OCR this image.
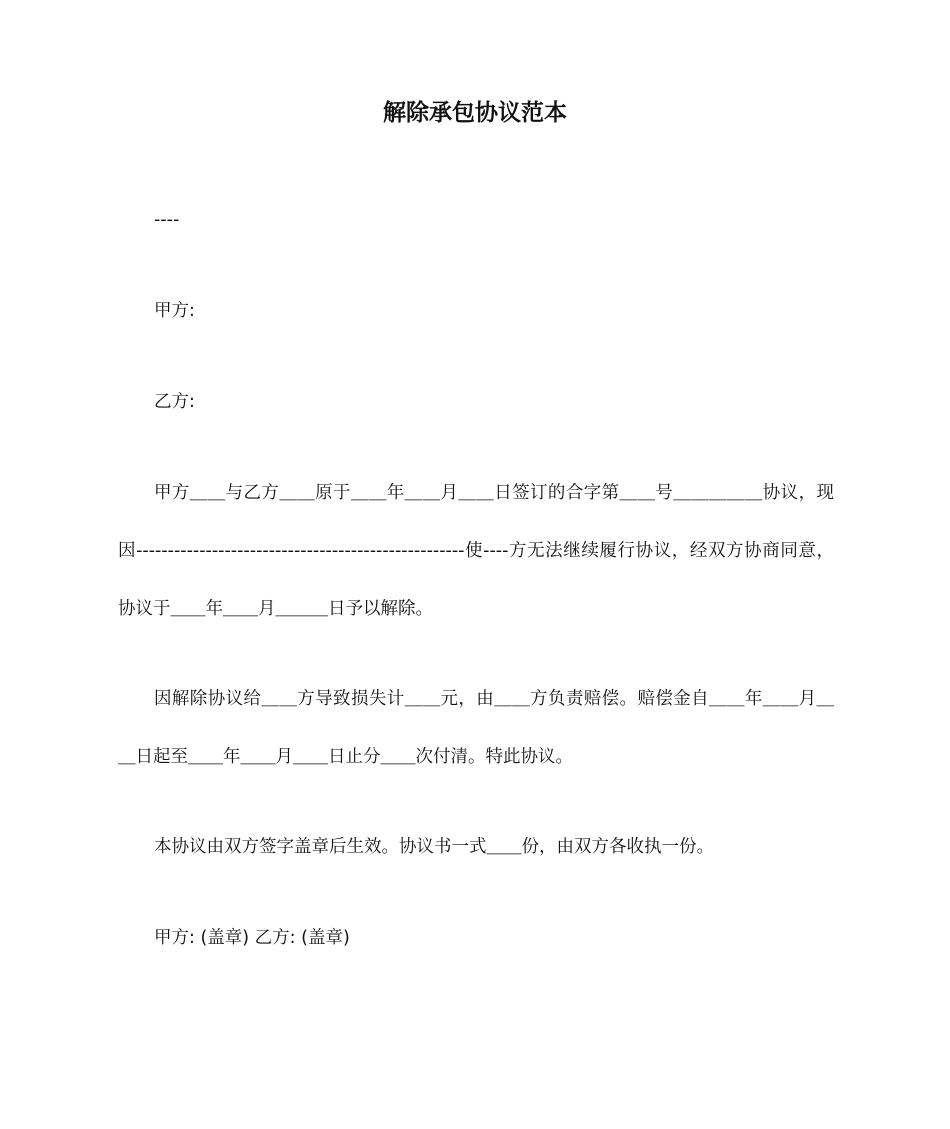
解除承包协议范本

----

甲方:

乙方:

甲方＿＿与乙方＿＿原于＿＿年＿＿月＿＿日签订的合字第＿＿号＿＿＿＿＿协议，现因----------------------------------------------------使----方无法继续履行协议，经双方协商同意，协议于＿＿年＿＿月＿＿＿日予以解除。

因解除协议给＿＿方导致损失计＿＿元，由＿＿方负责赔偿。赔偿金自＿＿年＿＿月＿＿日起至＿＿年＿＿月＿＿日止分＿＿次付清。特此协议。

本协议由双方签字盖章后生效。协议书一式＿＿份，由双方各收执一份。

甲方: (盖章) 乙方: (盖章)
